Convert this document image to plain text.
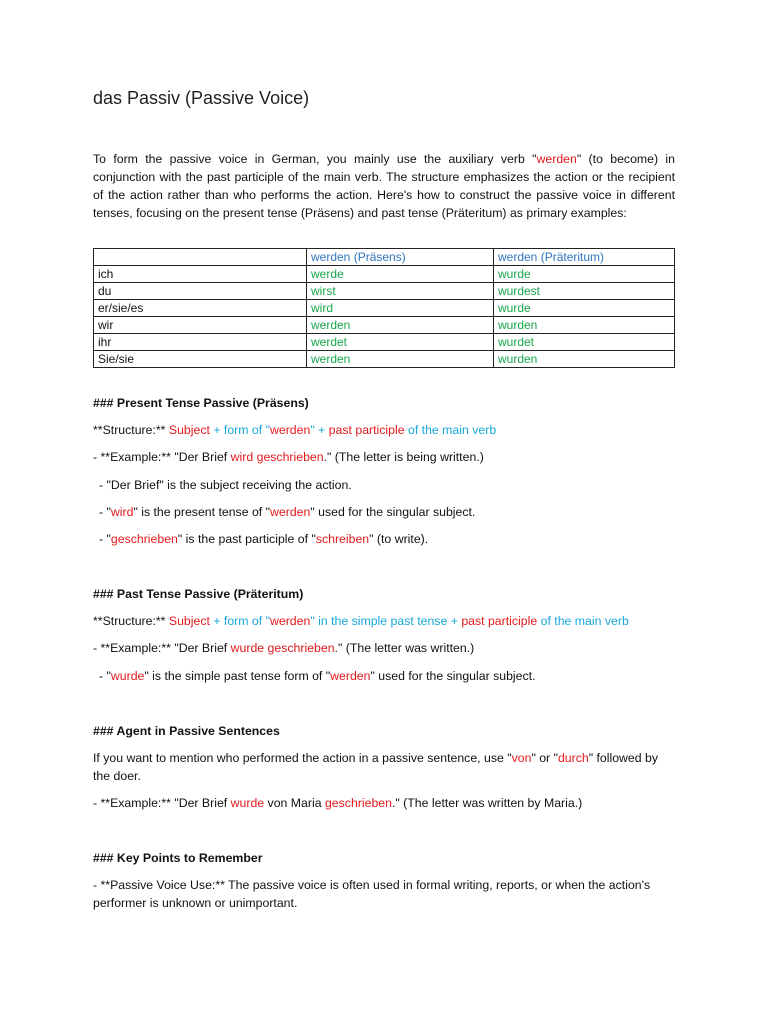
das Passiv (Passive Voice)
To form the passive voice in German, you mainly use the auxiliary verb "werden" (to become) in conjunction with the past participle of the main verb. The structure emphasizes the action or the recipient of the action rather than who performs the action. Here's how to construct the passive voice in different tenses, focusing on the present tense (Präsens) and past tense (Präteritum) as primary examples:
	werden (Präsens)	werden (Präteritum)
ich	werde	wurde
du	wirst	wurdest
er/sie/es	wird	wurde
wir	werden	wurden
ihr	werdet	wurdet
Sie/sie	werden	wurden
### Present Tense Passive (Präsens)
**Structure:** Subject + form of "werden" + past participle of the main verb
- **Example:** "Der Brief wird geschrieben." (The letter is being written.)
- "Der Brief" is the subject receiving the action.
- "wird" is the present tense of "werden" used for the singular subject.
- "geschrieben" is the past participle of "schreiben" (to write).
### Past Tense Passive (Präteritum)
**Structure:** Subject + form of "werden" in the simple past tense + past participle of the main verb
- **Example:** "Der Brief wurde geschrieben." (The letter was written.)
- "wurde" is the simple past tense form of "werden" used for the singular subject.
### Agent in Passive Sentences
If you want to mention who performed the action in a passive sentence, use "von" or "durch" followed by the doer.
- **Example:** "Der Brief wurde von Maria geschrieben." (The letter was written by Maria.)
### Key Points to Remember
- **Passive Voice Use:** The passive voice is often used in formal writing, reports, or when the action's performer is unknown or unimportant.
